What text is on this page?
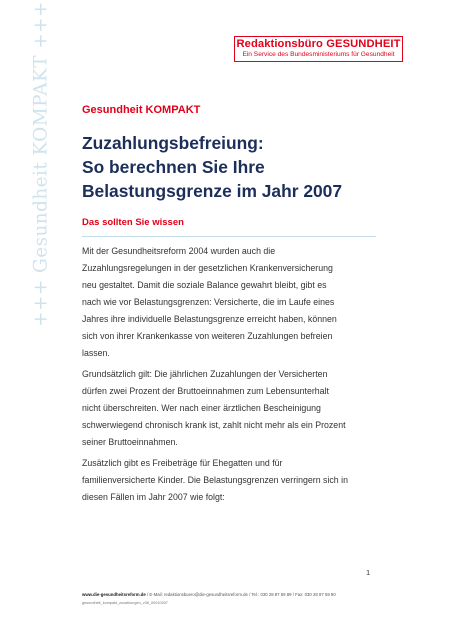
+++ Gesundheit KOMPAKT +++	Redaktionsbüro GESUNDHEIT
Ein Service des Bundesministeriums für Gesundheit
Gesundheit KOMPAKT
Zuzahlungsbefreiung:
So berechnen Sie Ihre
Belastungsgrenze im Jahr 2007
Das sollten Sie wissen

Mit der Gesundheitsreform 2004 wurden auch die
Zuzahlungsregelungen in der gesetzlichen Krankenversicherung
neu gestaltet. Damit die soziale Balance gewahrt bleibt, gibt es
nach wie vor Belastungsgrenzen: Versicherte, die im Laufe eines
Jahres ihre individuelle Belastungsgrenze erreicht haben, können
sich von ihrer Krankenkasse von weiteren Zuzahlungen befreien
lassen.

Grundsätzlich gilt: Die jährlichen Zuzahlungen der Versicherten
dürfen zwei Prozent der Bruttoeinnahmen zum Lebensunterhalt
nicht überschreiten. Wer nach einer ärztlichen Bescheinigung
schwerwiegend chronisch krank ist, zahlt nicht mehr als ein Prozent
seiner Bruttoeinnahmen.

Zusätzlich gibt es Freibeträge für Ehegatten und für
familienversicherte Kinder. Die Belastungsgrenzen verringern sich in
diesen Fällen im Jahr 2007 wie folgt:

1
www.die-gesundheitsreform.de / E-Mail: redaktionsbuero@die-gesundheitsreform.de / Tel.: 030 28 87 59 89 / Fax: 030 28 87 59 90
gesundheit_kompakt_zuzahlungen_v08_00010007
